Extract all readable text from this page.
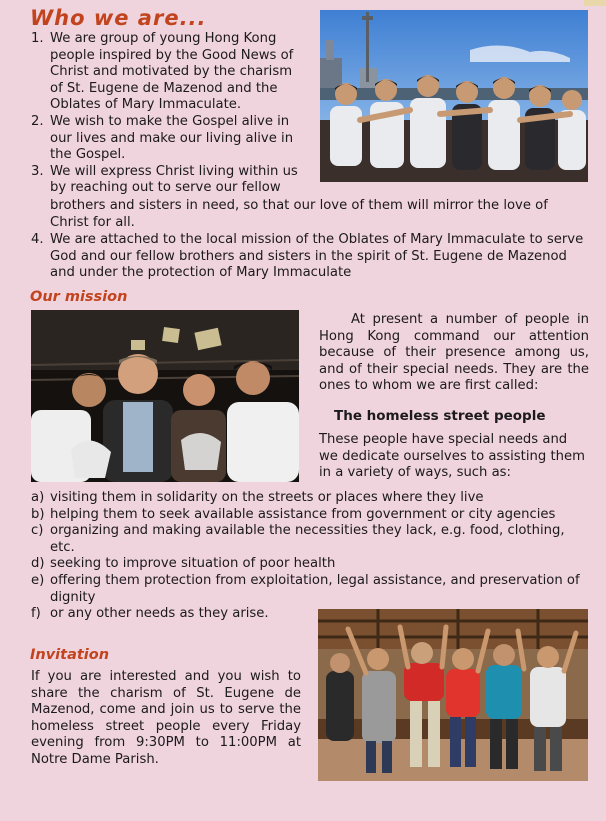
Who we are...
1. We are group of young Hong Kong
people inspired by the Good News of
Christ and motivated by the charism
of St. Eugene de Mazenod and the
Oblates of Mary Immaculate.
2. We wish to make the Gospel alive in
our lives and make our living alive in
the Gospel.
3. We will express Christ living within us
by reaching out to serve our fellow
brothers and sisters in need, so that our love of them will mirror the love of Christ for all.
4. We are attached to the local mission of the Oblates of Mary Immaculate to serve God and our fellow brothers and sisters in the spirit of St. Eugene de Mazenod and under the protection of Mary Immaculate
Our mission
At present a number of people in Hong Kong command our attention because of their presence among us, and of their special needs. They are the ones to whom we are first called:
The homeless street people
These people have special needs and we dedicate ourselves to assisting them in a variety of ways, such as:
a) visiting them in solidarity on the streets or places where they live
b) helping them to seek available assistance from government or city agencies
c) organizing and making available the necessities they lack, e.g. food, clothing, etc.
d) seeking to improve situation of poor health
e) offering them protection from exploitation, legal assistance, and preservation of dignity
f) or any other needs as they arise.
Invitation
If you are interested and you wish to share the charism of St. Eugene de Mazenod, come and join us to serve the homeless street people every Friday evening from 9:30PM to 11:00PM at Notre Dame Parish.
